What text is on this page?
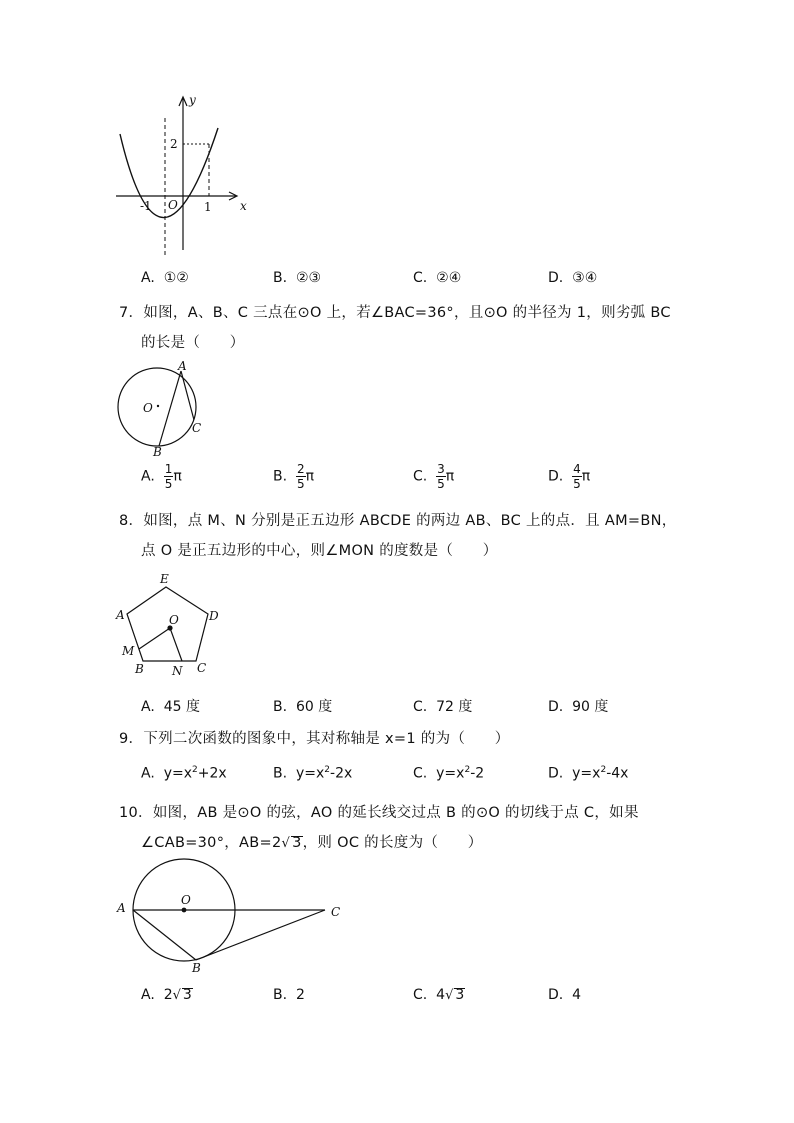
y
x
O
-1	1
2
A. ①②	B. ②③	C. ②④	D. ③④
7．如图，A、B、C 三点在⊙O 上，若∠BAC=36°，且⊙O 的半径为 1，则劣弧 BC
的长是（　　）
A
B
C
O
A. $\frac{1}{5}$ π	B. $\frac{2}{5}$ π	C. $\frac{3}{5}$ π	D. $\frac{4}{5}$ π
8．如图，点 M、N 分别是正五边形 ABCDE 的两边 AB、BC 上的点．且 AM=BN，
点 O 是正五边形的中心，则∠MON 的度数是（　　）
E
A	D
O
M
B N C
A. 45 度	B. 60 度	C. 72 度	D. 90 度
9．下列二次函数的图象中，其对称轴是 x=1 的为（　　）
A. $y=x^2+2x$	B. $y=x^2-2x$	C. $y=x^2-2$	D. $y=x^2-4x$
10．如图，AB 是⊙O 的弦，AO 的延长线交过点 B 的⊙O 的切线于点 C，如果
∠CAB=30°，AB=2√ 3，则 OC 的长度为（　　）
A
O
C
B
A. 2√ 3	B. 2	C. 4√ 3	D. 4
